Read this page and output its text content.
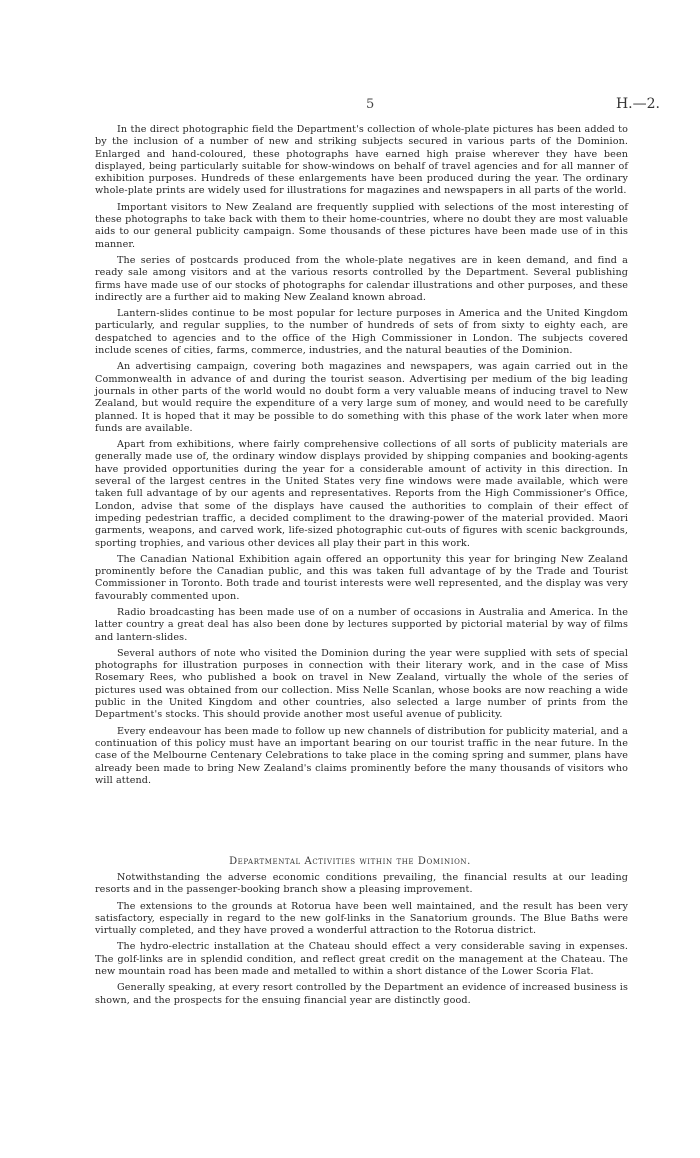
5	H.—2.

In the direct photographic field the Department's collection of whole-plate pictures has been added to by the inclusion of a number of new and striking subjects secured in various parts of the Dominion. Enlarged and hand-coloured, these photographs have earned high praise wherever they have been displayed, being particularly suitable for show-windows on behalf of travel agencies and for all manner of exhibition purposes. Hundreds of these enlargements have been produced during the year. The ordinary whole-plate prints are widely used for illustrations for magazines and newspapers in all parts of the world.

Important visitors to New Zealand are frequently supplied with selections of the most interesting of these photographs to take back with them to their home-countries, where no doubt they are most valuable aids to our general publicity campaign. Some thousands of these pictures have been made use of in this manner.

The series of postcards produced from the whole-plate negatives are in keen demand, and find a ready sale among visitors and at the various resorts controlled by the Department. Several publishing firms have made use of our stocks of photographs for calendar illustrations and other purposes, and these indirectly are a further aid to making New Zealand known abroad.

Lantern-slides continue to be most popular for lecture purposes in America and the United Kingdom particularly, and regular supplies, to the number of hundreds of sets of from sixty to eighty each, are despatched to agencies and to the office of the High Commissioner in London. The subjects covered include scenes of cities, farms, commerce, industries, and the natural beauties of the Dominion.

An advertising campaign, covering both magazines and newspapers, was again carried out in the Commonwealth in advance of and during the tourist season. Advertising per medium of the big leading journals in other parts of the world would no doubt form a very valuable means of inducing travel to New Zealand, but would require the expenditure of a very large sum of money, and would need to be carefully planned. It is hoped that it may be possible to do something with this phase of the work later when more funds are available.

Apart from exhibitions, where fairly comprehensive collections of all sorts of publicity materials are generally made use of, the ordinary window displays provided by shipping companies and booking-agents have provided opportunities during the year for a considerable amount of activity in this direction. In several of the largest centres in the United States very fine windows were made available, which were taken full advantage of by our agents and representatives. Reports from the High Commissioner's Office, London, advise that some of the displays have caused the authorities to complain of their effect of impeding pedestrian traffic, a decided compliment to the drawing-power of the material provided. Maori garments, weapons, and carved work, life-sized photographic cut-outs of figures with scenic backgrounds, sporting trophies, and various other devices all play their part in this work.

The Canadian National Exhibition again offered an opportunity this year for bringing New Zealand prominently before the Canadian public, and this was taken full advantage of by the Trade and Tourist Commissioner in Toronto. Both trade and tourist interests were well represented, and the display was very favourably commented upon.

Radio broadcasting has been made use of on a number of occasions in Australia and America. In the latter country a great deal has also been done by lectures supported by pictorial material by way of films and lantern-slides.

Several authors of note who visited the Dominion during the year were supplied with sets of special photographs for illustration purposes in connection with their literary work, and in the case of Miss Rosemary Rees, who published a book on travel in New Zealand, virtually the whole of the series of pictures used was obtained from our collection. Miss Nelle Scanlan, whose books are now reaching a wide public in the United Kingdom and other countries, also selected a large number of prints from the Department's stocks. This should provide another most useful avenue of publicity.

Every endeavour has been made to follow up new channels of distribution for publicity material, and a continuation of this policy must have an important bearing on our tourist traffic in the near future. In the case of the Melbourne Centenary Celebrations to take place in the coming spring and summer, plans have already been made to bring New Zealand's claims prominently before the many thousands of visitors who will attend.

Departmental Activities within the Dominion.

Notwithstanding the adverse economic conditions prevailing, the financial results at our leading resorts and in the passenger-booking branch show a pleasing improvement.

The extensions to the grounds at Rotorua have been well maintained, and the result has been very satisfactory, especially in regard to the new golf-links in the Sanatorium grounds. The Blue Baths were virtually completed, and they have proved a wonderful attraction to the Rotorua district.

The hydro-electric installation at the Chateau should effect a very considerable saving in expenses. The golf-links are in splendid condition, and reflect great credit on the management at the Chateau. The new mountain road has been made and metalled to within a short distance of the Lower Scoria Flat.

Generally speaking, at every resort controlled by the Department an evidence of increased business is shown, and the prospects for the ensuing financial year are distinctly good.
